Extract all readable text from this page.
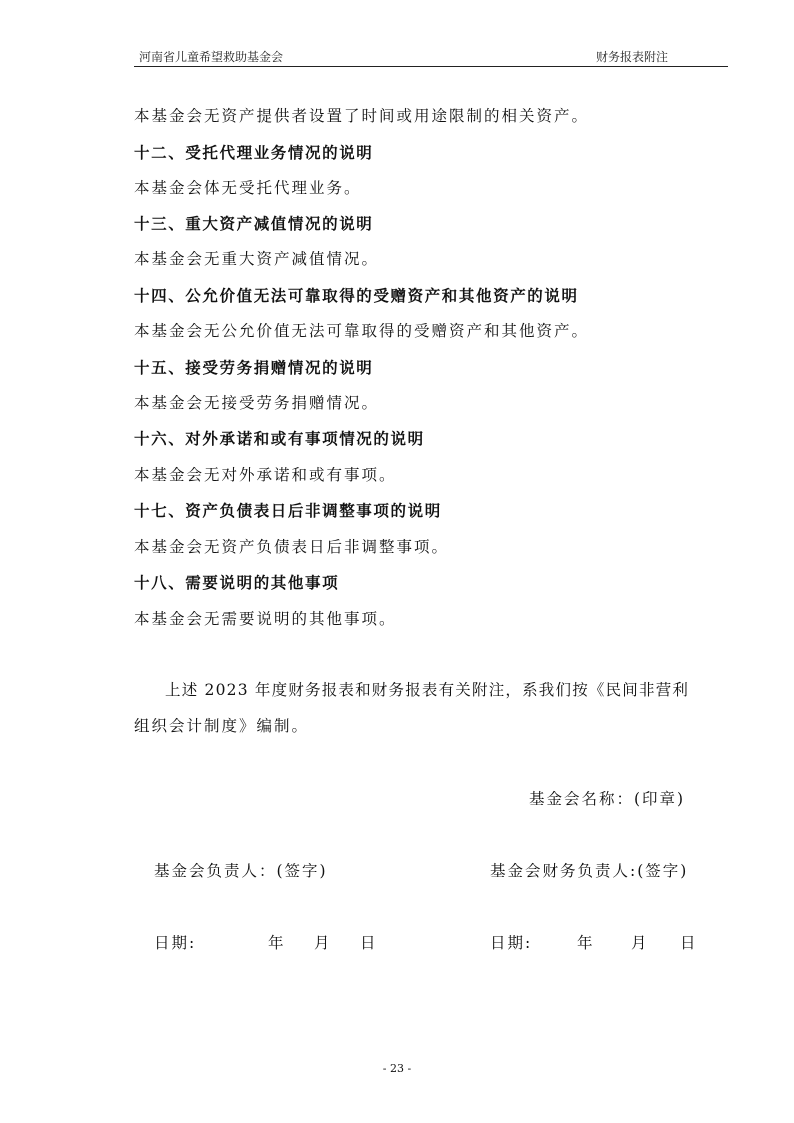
河南省儿童希望救助基金会	财务报表附注
本基金会无资产提供者设置了时间或用途限制的相关资产。
十二、受托代理业务情况的说明
本基金会体无受托代理业务。
十三、重大资产减值情况的说明
本基金会无重大资产减值情况。
十四、公允价值无法可靠取得的受赠资产和其他资产的说明
本基金会无公允价值无法可靠取得的受赠资产和其他资产。
十五、接受劳务捐赠情况的说明
本基金会无接受劳务捐赠情况。
十六、对外承诺和或有事项情况的说明
本基金会无对外承诺和或有事项。
十七、资产负债表日后非调整事项的说明
本基金会无资产负债表日后非调整事项。
十八、需要说明的其他事项
本基金会无需要说明的其他事项。
上述 2023 年度财务报表和财务报表有关附注，系我们按《民间非营利
组织会计制度》编制。
基金会名称：(印章)
基金会负责人：(签字)	基金会财务负责人:(签字)
日期:	年 月 日	日期:	年 月 日
- 23 -
